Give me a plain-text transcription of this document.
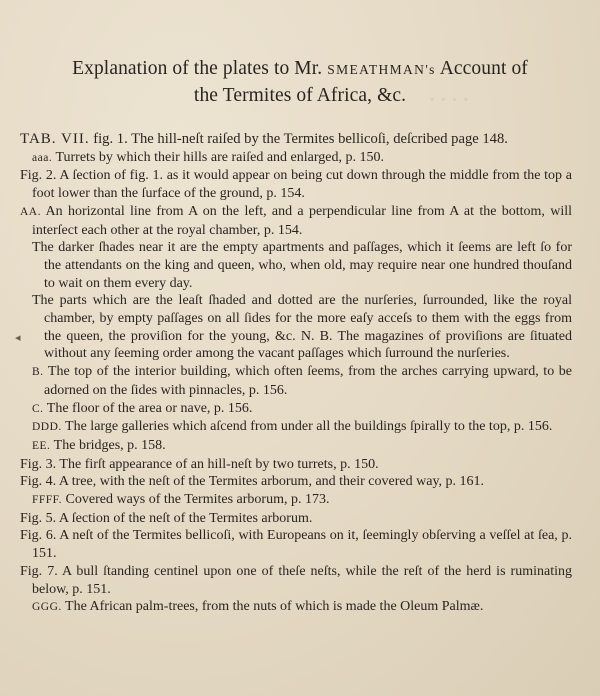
▪ ▪ ▪ ▪
Explanation of the plates to Mr. SMEATHMAN's Account of
the Termites of Africa, &c.
◂

TAB. VII. fig. 1. The hill-neſt raiſed by the Termites bellicoſi, deſcribed page 148.

aaa. Turrets by which their hills are raiſed and enlarged, p. 150.

Fig. 2. A ſection of fig. 1. as it would appear on being cut down through the middle from the top a foot lower than the ſurface of the ground, p. 154.

AA. An horizontal line from A on the left, and a perpendicular line from A at the bottom, will interſect each other at the royal chamber, p. 154.

The darker ſhades near it are the empty apartments and paſſages, which it ſeems are left ſo for the attendants on the king and queen, who, when old, may require near one hundred thouſand to wait on them every day.

The parts which are the leaſt ſhaded and dotted are the nurſeries, ſurrounded, like the royal chamber, by empty paſſages on all ſides for the more eaſy acceſs to them with the eggs from the queen, the proviſion for the young, &c. N. B. The magazines of proviſions are ſituated without any ſeeming order among the vacant paſſages which ſurround the nurſeries.

B. The top of the interior building, which often ſeems, from the arches carrying upward, to be adorned on the ſides with pinnacles, p. 156.

C. The floor of the area or nave, p. 156.

DDD. The large galleries which aſcend from under all the buildings ſpirally to the top, p. 156.

EE. The bridges, p. 158.

Fig. 3. The firſt appearance of an hill-neſt by two turrets, p. 150.

Fig. 4. A tree, with the neſt of the Termites arborum, and their covered way, p. 161.

FFFF. Covered ways of the Termites arborum, p. 173.

Fig. 5. A ſection of the neſt of the Termites arborum.

Fig. 6. A neſt of the Termites bellicoſi, with Europeans on it, ſeemingly obſerving a veſſel at ſea, p. 151.

Fig. 7. A bull ſtanding centinel upon one of theſe neſts, while the reſt of the herd is ruminating below, p. 151.

GGG. The African palm-trees, from the nuts of which is made the Oleum Palmæ.
